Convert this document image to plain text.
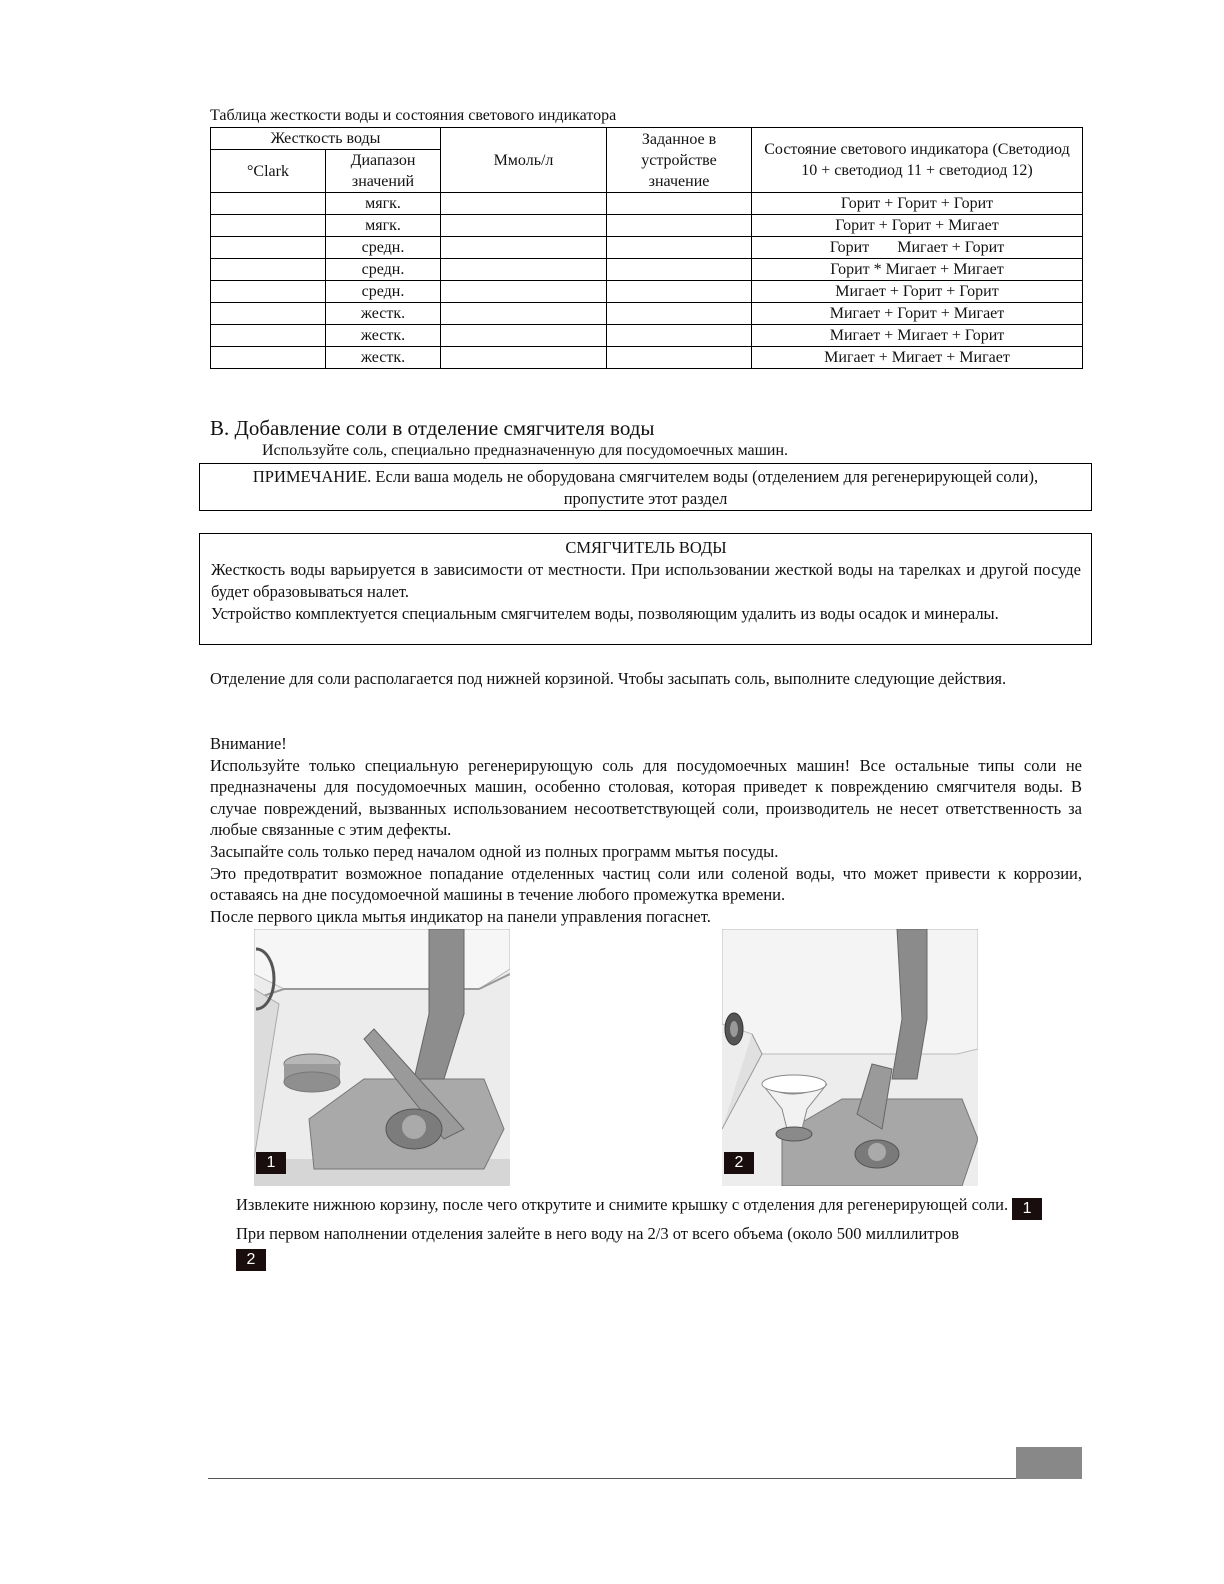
Таблица жесткости воды и состояния светового индикатора
Жесткость воды		Ммоль/л	Заданное в устройстве значение	Состояние светового индикатора (Светодиод 10 + светодиод 11 + светодиод 12)
°Clark	Диапазон значений			
	мягк.			Горит + Горит + Горит
	мягк.			Горит + Горит + Мигает
	средн.			Горит       Мигает + Горит
	средн.			Горит * Мигает + Мигает
	средн.			Мигает + Горит + Горит
	жестк.			Мигает + Горит + Мигает
	жестк.			Мигает + Мигает + Горит
	жестк.			Мигает + Мигает + Мигает
B. Добавление соли в отделение смягчителя воды
Используйте соль, специально предназначенную для посудомоечных машин.
ПРИМЕЧАНИЕ. Если ваша модель не оборудована смягчителем воды (отделением для регенерирующей соли), пропустите этот раздел
СМЯГЧИТЕЛЬ ВОДЫ
Жесткость воды варьируется в зависимости от местности. При использовании жесткой воды на тарелках и другой посуде будет образовываться налет.
Устройство комплектуется специальным смягчителем воды, позволяющим удалить из воды осадок и минералы.

Отделение для соли располагается под нижней корзиной. Чтобы засыпать соль, выполните следующие действия.

Внимание!

Используйте только специальную регенерирующую соль для посудомоечных машин! Все остальные типы соли не предназначены для посудомоечных машин, особенно столовая, которая приведет к повреждению смягчителя воды. В случае повреждений, вызванных использованием несоответствующей соли, производитель не несет ответственность за любые связанные с этим дефекты.

Засыпайте соль только перед началом одной из полных программ мытья посуды.

Это предотвратит возможное попадание отделенных частиц соли или соленой воды, что может привести к коррозии, оставаясь на дне посудомоечной машины в течение любого промежутка времени.

После первого цикла мытья индикатор на панели управления погаснет.

1	2

Извлеките нижнюю корзину, после чего открутите и снимите крышку с отделения для регенерирующей соли. 1

При первом наполнении отделения залейте в него воду на 2/3 от всего объема (около 500 миллилитров
2
